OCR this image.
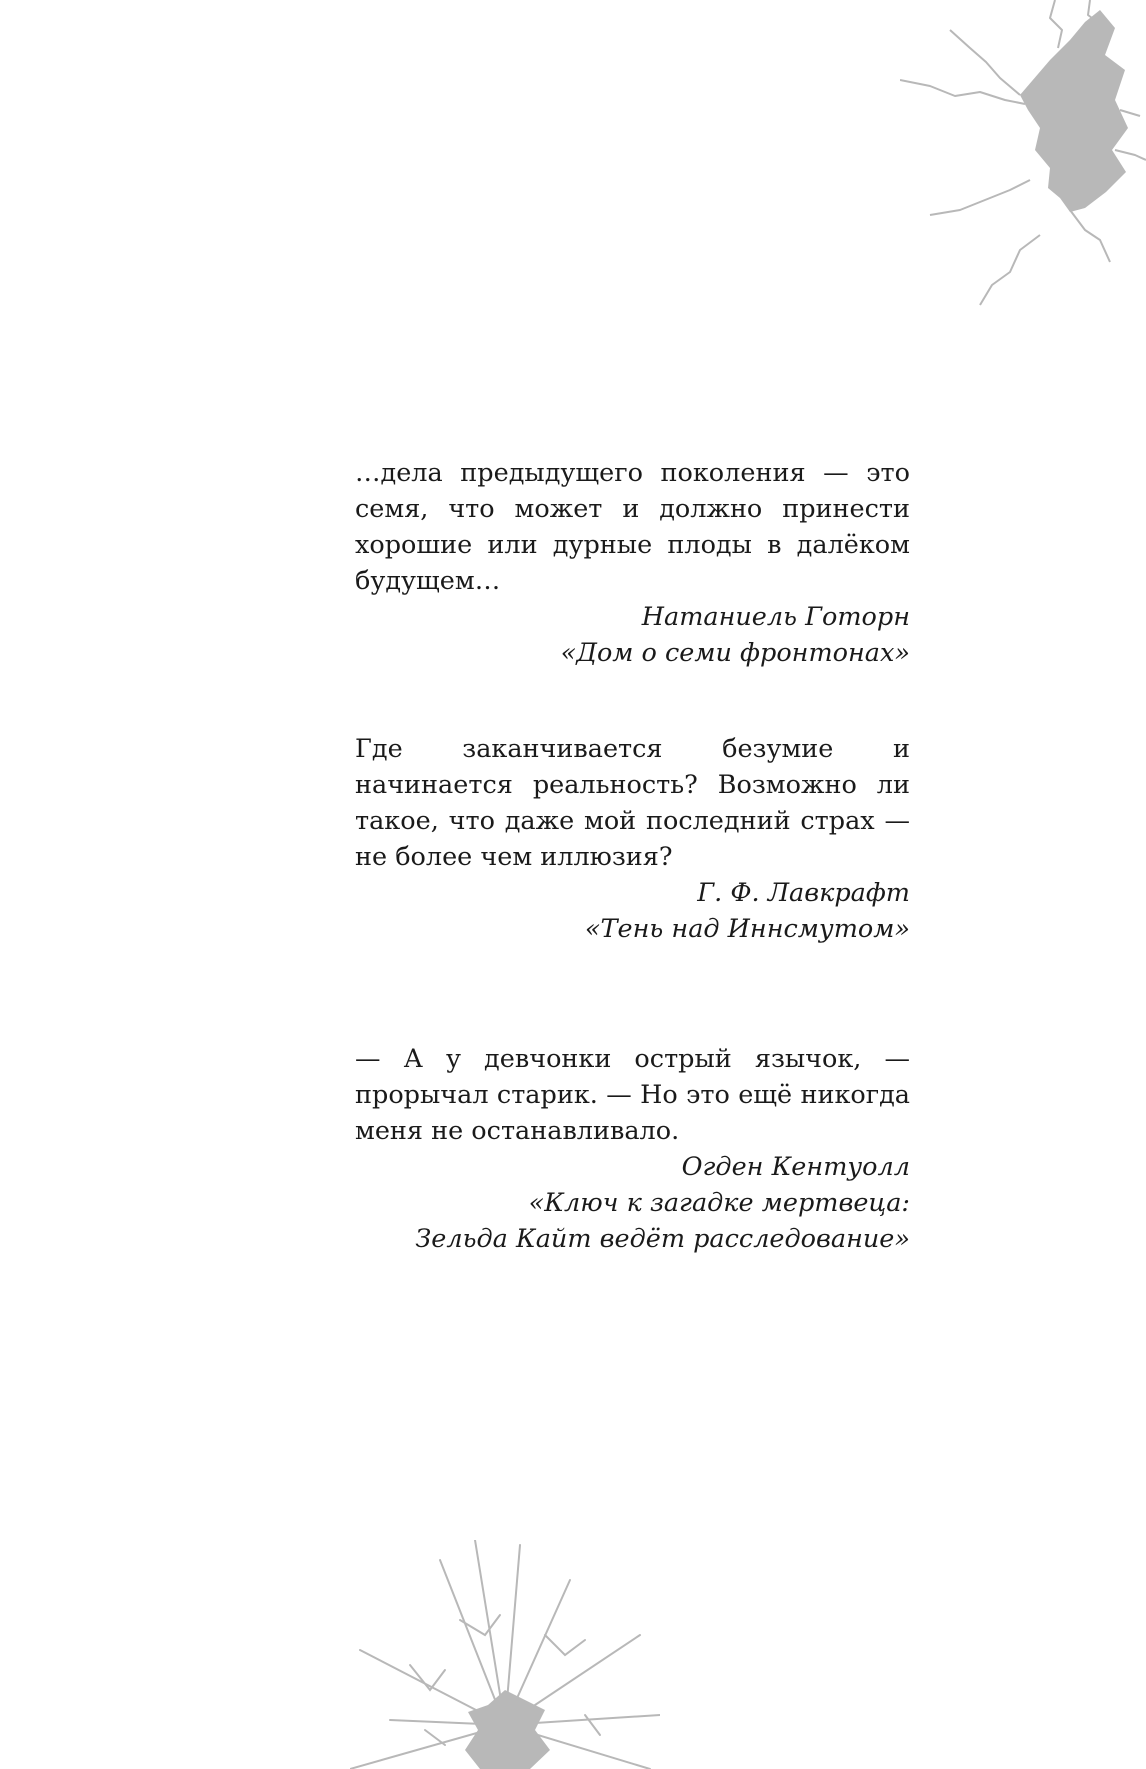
…дела предыдущего поколения — это семя, что может и должно принести хорошие или дурные плоды в далёком будущем…

Натаниель Готорн

«Дом о семи фронтонах»

Где заканчивается безумие и начинается реальность? Возможно ли такое, что даже мой последний страх — не более чем иллюзия?

Г. Ф. Лавкрафт

«Тень над Иннсмутом»

— А у девчонки острый язычок, — прорычал старик. — Но это ещё никогда меня не останавливало.

Огден Кентуолл

«Ключ к загадке мертвеца:
Зельда Кайт ведёт расследование»
